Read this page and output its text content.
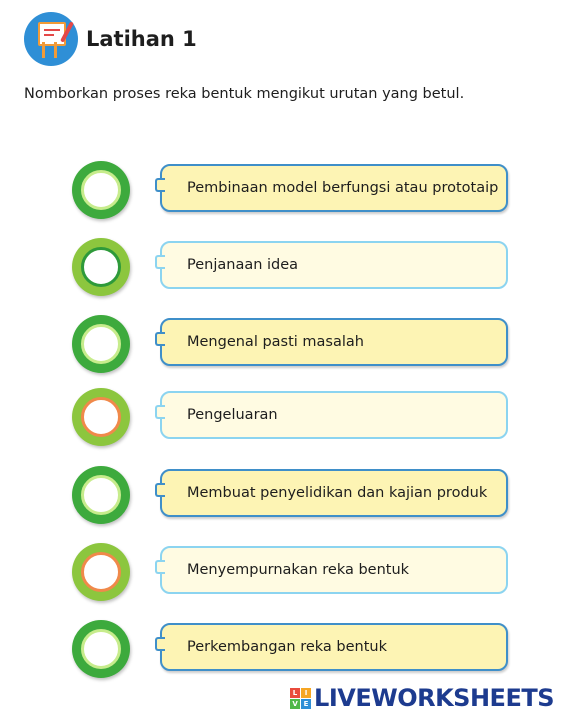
Latihan 1
Nomborkan proses reka bentuk mengikut urutan yang betul.
Pembinaan model berfungsi atau prototaip
Penjanaan idea
Mengenal pasti masalah
Pengeluaran
Membuat penyelidikan dan kajian produk
Menyempurnakan reka bentuk
Perkembangan reka bentuk
L	I
V E LIVEWORKSHEETS
